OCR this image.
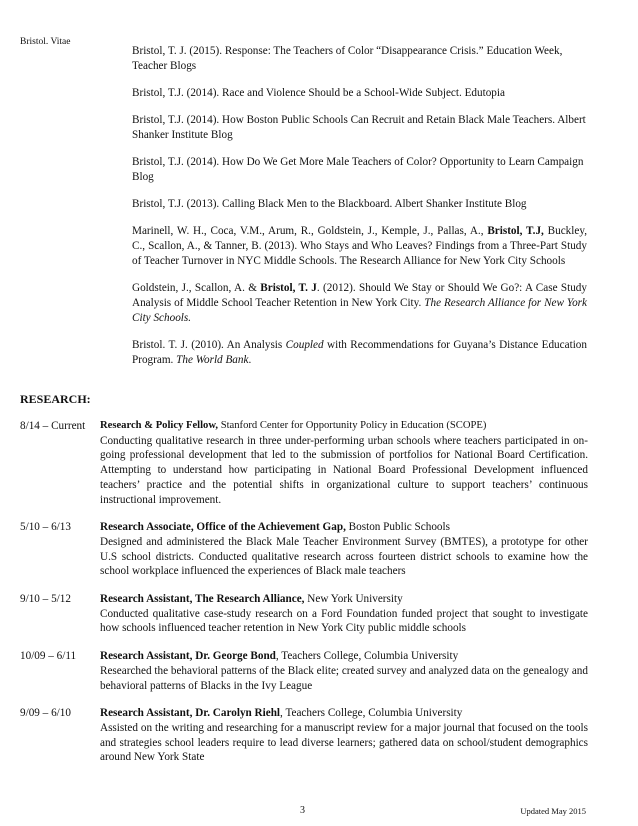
Bristol. Vitae
Bristol, T. J. (2015). Response: The Teachers of Color “Disappearance Crisis.” Education Week, Teacher Blogs
Bristol, T.J. (2014). Race and Violence Should be a School-Wide Subject. Edutopia
Bristol, T.J. (2014). How Boston Public Schools Can Recruit and Retain Black Male Teachers. Albert Shanker Institute Blog
Bristol, T.J. (2014). How Do We Get More Male Teachers of Color? Opportunity to Learn Campaign Blog
Bristol, T.J. (2013). Calling Black Men to the Blackboard. Albert Shanker Institute Blog
Marinell, W. H., Coca, V.M., Arum, R., Goldstein, J., Kemple, J., Pallas, A., Bristol, T.J, Buckley, C., Scallon, A., & Tanner, B. (2013). Who Stays and Who Leaves? Findings from a Three-Part Study of Teacher Turnover in NYC Middle Schools. The Research Alliance for New York City Schools
Goldstein, J., Scallon, A. & Bristol, T. J. (2012). Should We Stay or Should We Go?: A Case Study Analysis of Middle School Teacher Retention in New York City. The Research Alliance for New York City Schools.
Bristol. T. J. (2010). An Analysis Coupled with Recommendations for Guyana’s Distance Education Program. The World Bank.
RESEARCH:
8/14 – Current Research & Policy Fellow, Stanford Center for Opportunity Policy in Education (SCOPE)
Conducting qualitative research in three under-performing urban schools where teachers participated in on-going professional development that led to the submission of portfolios for National Board Certification. Attempting to understand how participating in National Board Professional Development influenced teachers’ practice and the potential shifts in organizational culture to support teachers’ continuous instructional improvement.
5/10 – 6/13	Research Associate, Office of the Achievement Gap, Boston Public Schools
Designed and administered the Black Male Teacher Environment Survey (BMTES), a prototype for other U.S school districts. Conducted qualitative research across fourteen district schools to examine how the school workplace influenced the experiences of Black male teachers
9/10 – 5/12	Research Assistant, The Research Alliance, New York University
Conducted qualitative case-study research on a Ford Foundation funded project that sought to investigate how schools influenced teacher retention in New York City public middle schools
10/09 – 6/11 Research Assistant, Dr. George Bond, Teachers College, Columbia University
Researched the behavioral patterns of the Black elite; created survey and analyzed data on the genealogy and behavioral patterns of Blacks in the Ivy League
9/09 – 6/10	Research Assistant, Dr. Carolyn Riehl, Teachers College, Columbia University
Assisted on the writing and researching for a manuscript review for a major journal that focused on the tools and strategies school leaders require to lead diverse learners; gathered data on school/student demographics around New York State
3	Updated May 2015
